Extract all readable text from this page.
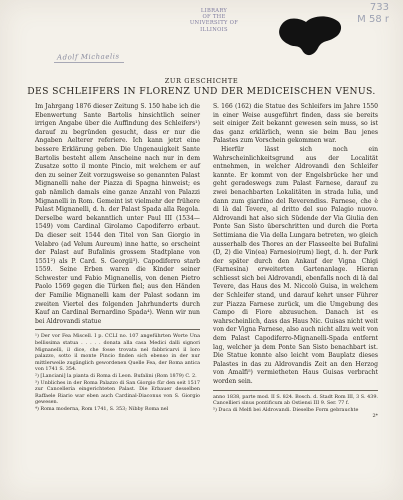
LIBRARY
OF THE
UNIVERSITY OF ILLINOIS
733
M 58 r
Adolf Michaelis
ZUR GESCHICHTE
DES SCHLEIFERS IN FLORENZ UND DER MEDICEISCHEN VENUS.

Im Jahrgang 1876 dieser Zeitung S. 150 habe ich die Ebenwertung Sante Bartolis hinsichtlich seiner irrigen Angabe über die Auffindung des Schleifers¹) darauf zu begründen gesucht, dass er nur die Angaben Aelterer referiere. Ich kann jetzt eine bessere Erklärung geben. Die Ungenauigkeit Sante Bartolis besteht allem Anscheine nach nur in dem Zusatze sotto il monte Pincio, mit welchem er auf den zu seiner Zeit vorzugsweise so genannten Palast Mignanelli nahe der Piazza di Spagna hinweist; es gab nämlich damals eine ganze Anzahl von Palazzi Mignanelli in Rom. Gemeint ist vielmehr der frühere Palast Mignanelli, d. h. der Palast Spada alla Regola. Derselbe ward bekanntlich unter Paul III (1534—1549) vom Cardinal Girolamo Capodiferro erbaut. Da dieser seit 1544 den Titel von San Giorgio in Velabro (ad Velum Aureum) inne hatte, so erscheint der Palast auf Bufalinis grossem Stadtplane von 1551²) als P. Card. S. Georgii³). Capodiferro starb 1559. Seine Erben waren die Kinder seiner Schwester und Fabio Mignanellis, von denen Pietro Paolo 1569 gegen die Türken fiel; aus den Händen der Familie Mignanelli kam der Palast sodann im zweiten Viertel des folgenden Jahrhunderts durch Kauf an Cardinal Bernardino Spada⁴). Wenn wir nun bei Aldrovandi statue

¹) Der vor Fea Miscell. I p. CCLI no. 107 angeführten Worte Una bellissima statua . . . . . donata alla casa Medici dalli signori Mignanelli, il dice, che fosse trovata nel fabbricarvi il loro palazzo, sotto il monte Pincio finden sich ebenso in der nur mittlerweile zugänglich gewordenen Quelle Fea, der Roma antica von 1741 S. 354.

²) [Lanciani] la pianta di Roma di Leon. Bufalini (Rom 1879) C. 2.

³) Unbliches in der Roma Palazzo di San Giorgio für den seit 1517 zur Cancelleria eingerichteten Palast. Die Erbauer desselben Raffaele Riario war eben auch Cardinal-Diaconus von S. Giorgio gewesen.

⁴) Roma moderna, Rom 1741, S. 353; Nibby Roma nel

S. 166 (162) die Statue des Schleifers im Jahre 1550 in einer Weise ausgeführt finden, dass sie bereits seit einiger Zeit bekannt gewesen sein muss, so ist das ganz erklärlich, wenn sie beim Bau jenes Palastes zum Vorschein gekommen war.

Hierfür lässt sich noch ein Wahrscheinlichkeitsgrund aus der Localität entnehmen, in welcher Aldrovandi den Schleifer kannte. Er kommt von der Engelsbrücke her und geht geradeswegs zum Palast Farnese, darauf zu zwei benachbarten Lokalitäten in strada lulia, und dann zum giardino del Reverendiss. Farnese, che è di là dal Tevere, al dritto del suo Palagio nuovo. Aldrovandi hat also sich Südende der Via Giulia den Ponte San Sisto überschritten und durch die Porta Settimiana die Via della Lungara betreten, wo gleich ausserhalb des Thores an der Flasseelte bei Bufalini (D, 2) die Vin(ea) Farnesio(rum) liegt, d. h. der Park der später durch den Ankauf der Vigna Chigi (Farnesina) erweiterten Gartenanlage. Hieran schliesst sich bei Aldrovandi, ebenfalls noch di là dal Tevere, das Haus des M. Niccolò Guisa, in welchem der Schleifer stand, und darauf kehrt unser Führer zur Piazza Farnese zurück, um die Umgebung des Campo di Fiore abzusuchen. Danach ist es wahrscheinlich, dass das Haus Nic. Guisas nicht weit von der Vigna Farnese, also auch nicht allzu weit von dem Palast Capodiferro-Mignanelli-Spada entfernt lag, welcher ja dem Ponte San Sisto benachbart ist. Die Statue konnte also leicht vom Bauplatz dieses Palastes in das zu Aldrovandis Zeit an den Herzog von Amalfi⁵) vermietheten Haus Guisas verbracht worden sein.

anno 1838, parte mod. II S. 824. Bosch. d. Stadt Rom III, 3 S. 439. Cancellieri sinus pontificum ab Ostiensi III 9. Ser. 77 f.

⁵) Duca di Melfi bei Aldrovandi. Dieselbe Form gebrauchte

2*
